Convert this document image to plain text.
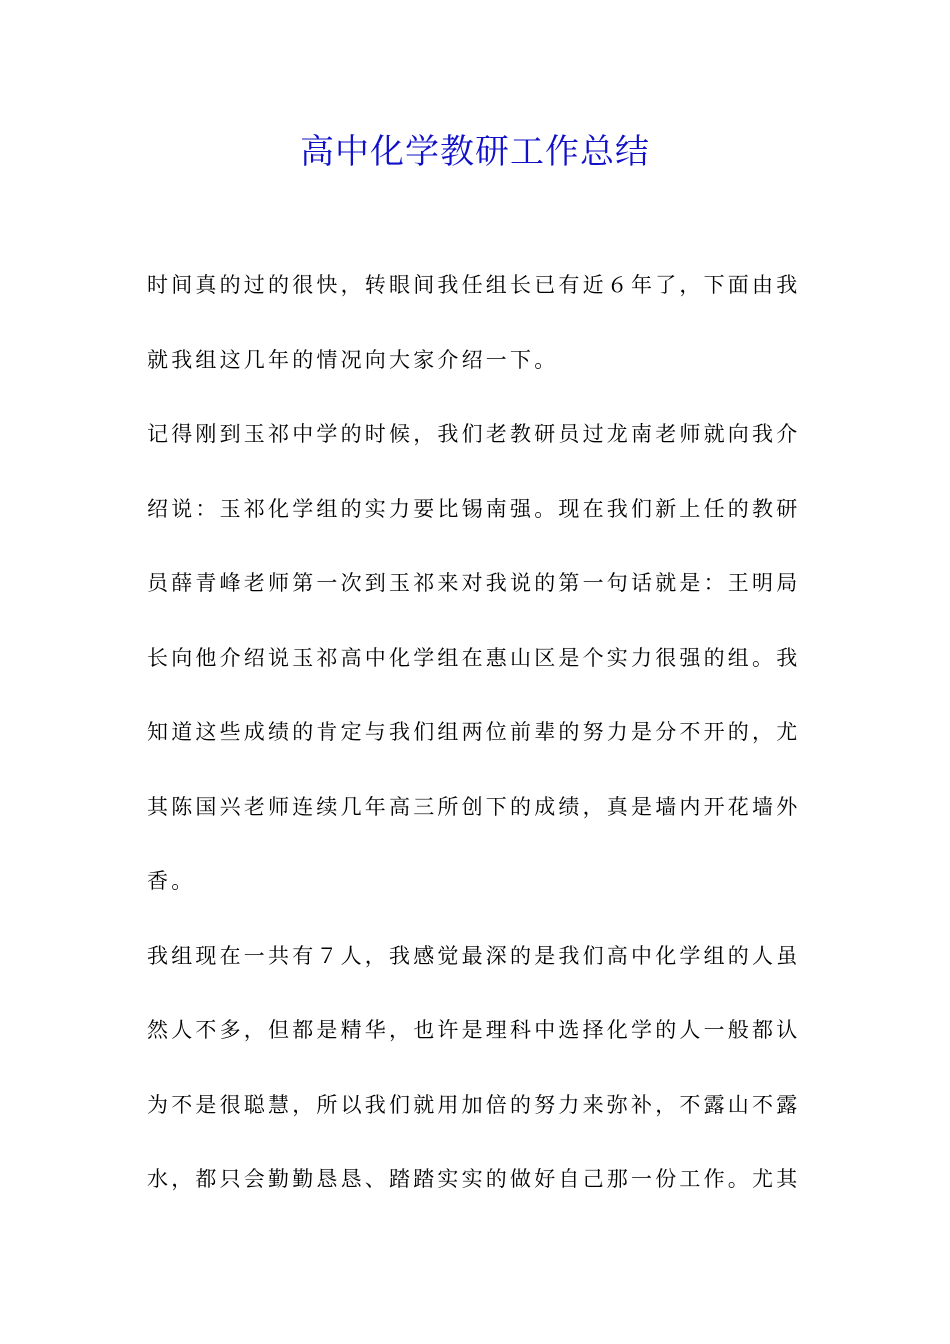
高中化学教研工作总结
时间真的过的很快，转眼间我任组长已有近６年了，下面由我
就我组这几年的情况向大家介绍一下。
记得刚到玉祁中学的时候，我们老教研员过龙南老师就向我介
绍说：玉祁化学组的实力要比锡南强。现在我们新上任的教研
员薛青峰老师第一次到玉祁来对我说的第一句话就是：王明局
长向他介绍说玉祁高中化学组在惠山区是个实力很强的组。我
知道这些成绩的肯定与我们组两位前辈的努力是分不开的，尤
其陈国兴老师连续几年高三所创下的成绩，真是墙内开花墙外
香。
我组现在一共有７人，我感觉最深的是我们高中化学组的人虽
然人不多，但都是精华，也许是理科中选择化学的人一般都认
为不是很聪慧，所以我们就用加倍的努力来弥补，不露山不露
水，都只会勤勤恳恳、踏踏实实的做好自己那一份工作。尤其
